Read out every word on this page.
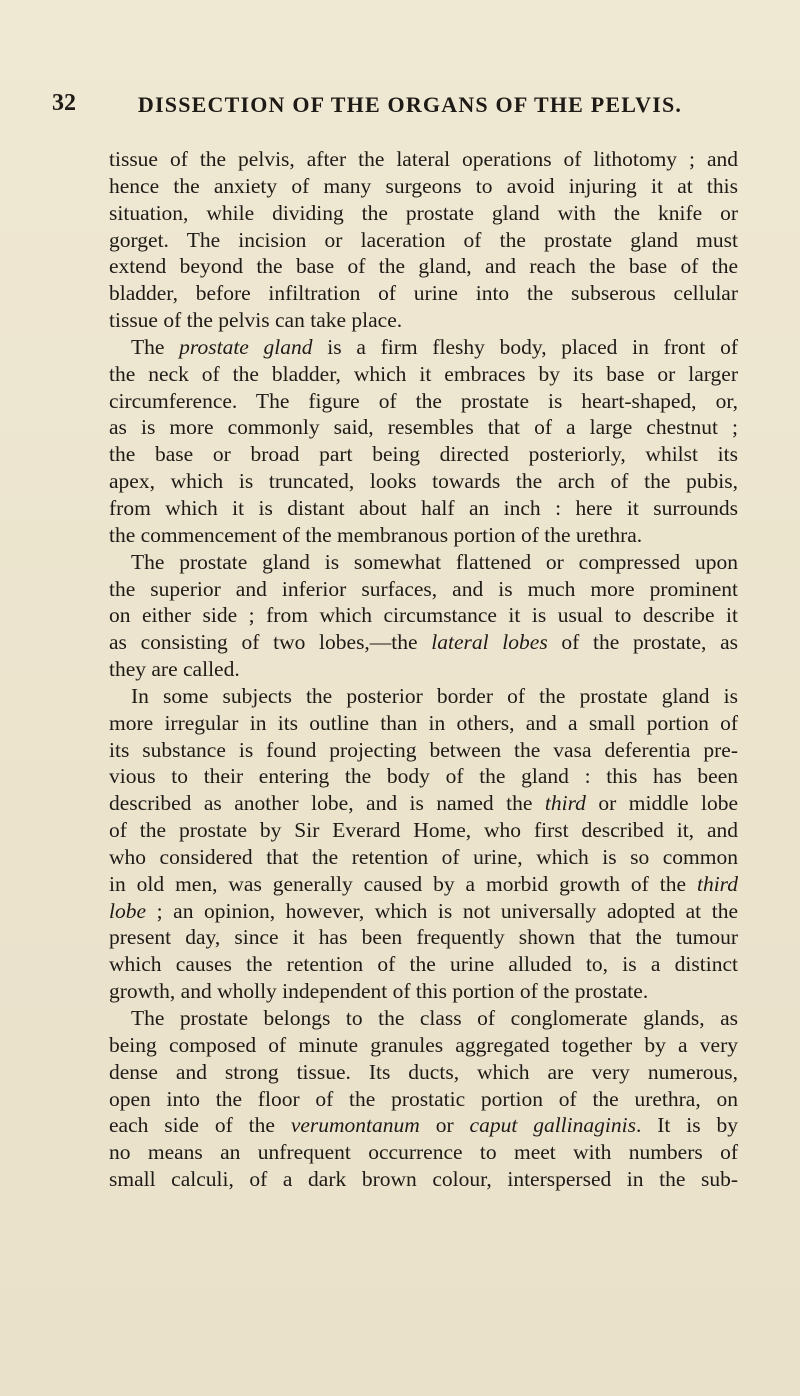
32	DISSECTION OF THE ORGANS OF THE PELVIS.
tissue of the pelvis, after the lateral operations of lithotomy ; and
hence the anxiety of many surgeons to avoid injuring it at this
situation, while dividing the prostate gland with the knife or
gorget. The incision or laceration of the prostate gland must
extend beyond the base of the gland, and reach the base of the
bladder, before infiltration of urine into the subserous cellular
tissue of the pelvis can take place.
The prostate gland is a firm fleshy body, placed in front of
the neck of the bladder, which it embraces by its base or larger
circumference. The figure of the prostate is heart-shaped, or,
as is more commonly said, resembles that of a large chestnut ;
the base or broad part being directed posteriorly, whilst its
apex, which is truncated, looks towards the arch of the pubis,
from which it is distant about half an inch : here it surrounds
the commencement of the membranous portion of the urethra.
The prostate gland is somewhat flattened or compressed upon
the superior and inferior surfaces, and is much more prominent
on either side ; from which circumstance it is usual to describe it
as consisting of two lobes,—the lateral lobes of the prostate, as
they are called.
In some subjects the posterior border of the prostate gland is
more irregular in its outline than in others, and a small portion of
its substance is found projecting between the vasa deferentia pre-
vious to their entering the body of the gland : this has been
described as another lobe, and is named the third or middle lobe
of the prostate by Sir Everard Home, who first described it, and
who considered that the retention of urine, which is so common
in old men, was generally caused by a morbid growth of the third
lobe ; an opinion, however, which is not universally adopted at the
present day, since it has been frequently shown that the tumour
which causes the retention of the urine alluded to, is a distinct
growth, and wholly independent of this portion of the prostate.
The prostate belongs to the class of conglomerate glands, as
being composed of minute granules aggregated together by a very
dense and strong tissue. Its ducts, which are very numerous,
open into the floor of the prostatic portion of the urethra, on
each side of the verumontanum or caput gallinaginis. It is by
no means an unfrequent occurrence to meet with numbers of
small calculi, of a dark brown colour, interspersed in the sub-
